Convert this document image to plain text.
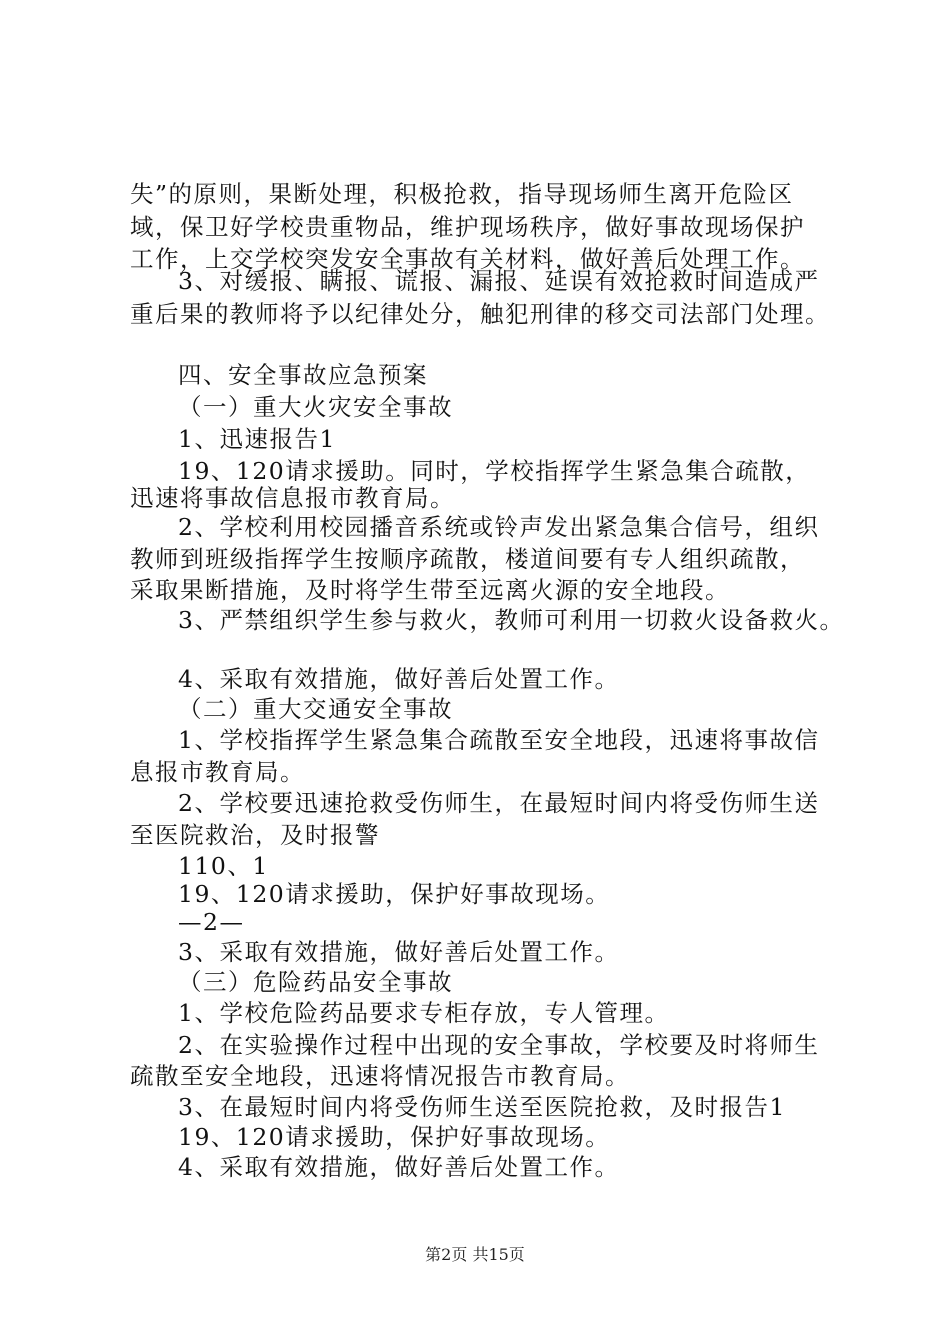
失”的原则，果断处理，积极抢救，指导现场师生离开危险区
域，保卫好学校贵重物品，维护现场秩序，做好事故现场保护
工作，上交学校突发安全事故有关材料，做好善后处理工作。
3、对缓报、瞒报、谎报、漏报、延误有效抢救时间造成严
重后果的教师将予以纪律处分，触犯刑律的移交司法部门处理。
四、安全事故应急预案
（一）重大火灾安全事故
1、迅速报告1
19、120请求援助。同时，学校指挥学生紧急集合疏散，
迅速将事故信息报市教育局。
2、学校利用校园播音系统或铃声发出紧急集合信号，组织
教师到班级指挥学生按顺序疏散，楼道间要有专人组织疏散，
采取果断措施，及时将学生带至远离火源的安全地段。
3、严禁组织学生参与救火，教师可利用一切救火设备救火。
4、采取有效措施，做好善后处置工作。
（二）重大交通安全事故
1、学校指挥学生紧急集合疏散至安全地段，迅速将事故信
息报市教育局。
2、学校要迅速抢救受伤师生，在最短时间内将受伤师生送
至医院救治，及时报警
110、1
19、120请求援助，保护好事故现场。
—2—
3、采取有效措施，做好善后处置工作。
（三）危险药品安全事故
1、学校危险药品要求专柜存放，专人管理。
2、在实验操作过程中出现的安全事故，学校要及时将师生
疏散至安全地段，迅速将情况报告市教育局。
3、在最短时间内将受伤师生送至医院抢救，及时报告1
19、120请求援助，保护好事故现场。
4、采取有效措施，做好善后处置工作。
第2页 共15页
